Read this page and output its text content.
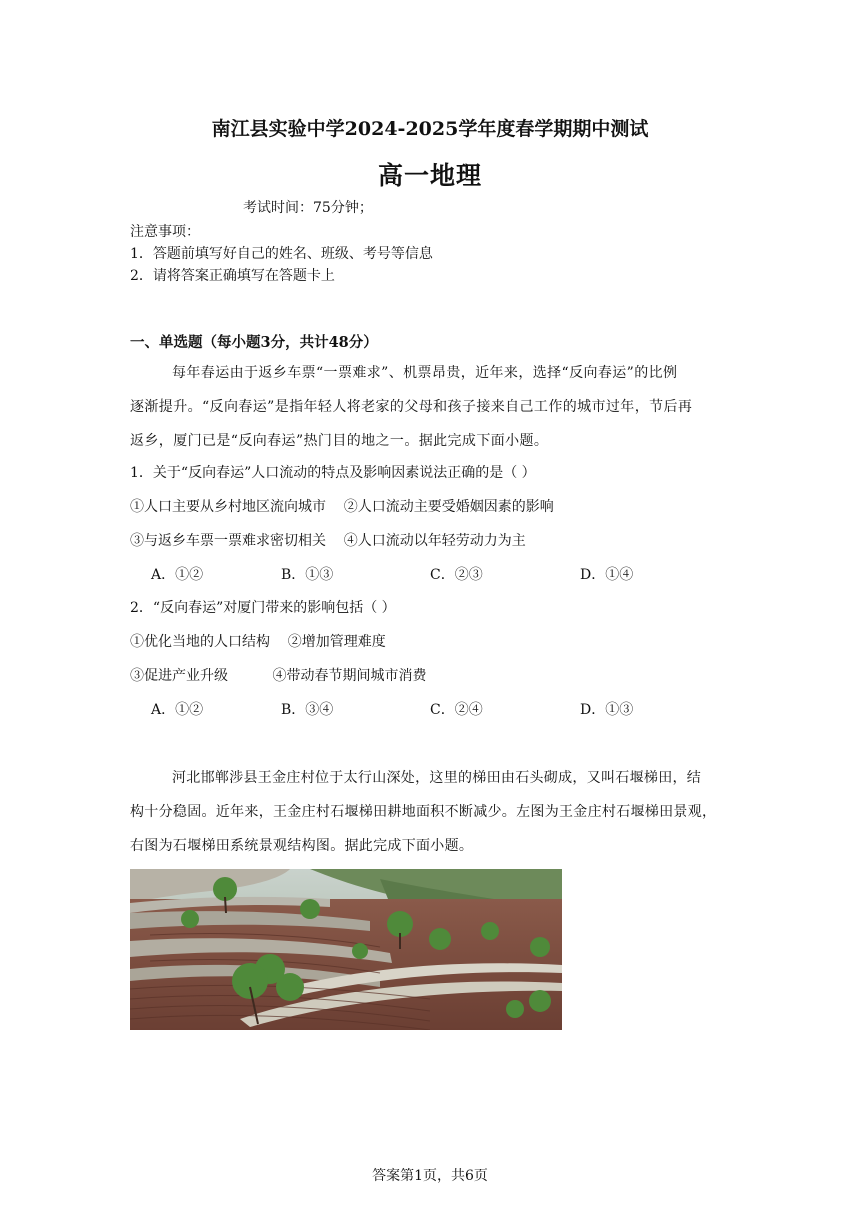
南江县实验中学2024-2025学年度春学期期中测试
高一地理
考试时间：75分钟；
注意事项：
1．答题前填写好自己的姓名、班级、考号等信息
2．请将答案正确填写在答题卡上
一、单选题（每小题3分，共计48分）
每年春运由于返乡车票“一票难求”、机票昂贵，近年来，选择“反向春运”的比例
逐渐提升。“反向春运”是指年轻人将老家的父母和孩子接来自己工作的城市过年，节后再
返乡，厦门已是“反向春运”热门目的地之一。据此完成下面小题。
1．关于“反向春运”人口流动的特点及影响因素说法正确的是（ ）
①人口主要从乡村地区流向城市    ②人口流动主要受婚姻因素的影响
③与返乡车票一票难求密切相关    ④人口流动以年轻劳动力为主
A．①②	B．①③	C．②③	D．①④
2．“反向春运”对厦门带来的影响包括（ ）
①优化当地的人口结构    ②增加管理难度
③促进产业升级          ④带动春节期间城市消费
A．①②	B．③④	C．②④	D．①③
河北邯郸涉县王金庄村位于太行山深处，这里的梯田由石头砌成，又叫石堰梯田，结
构十分稳固。近年来，王金庄村石堰梯田耕地面积不断减少。左图为王金庄村石堰梯田景观，
右图为石堰梯田系统景观结构图。据此完成下面小题。
答案第1页，共6页
